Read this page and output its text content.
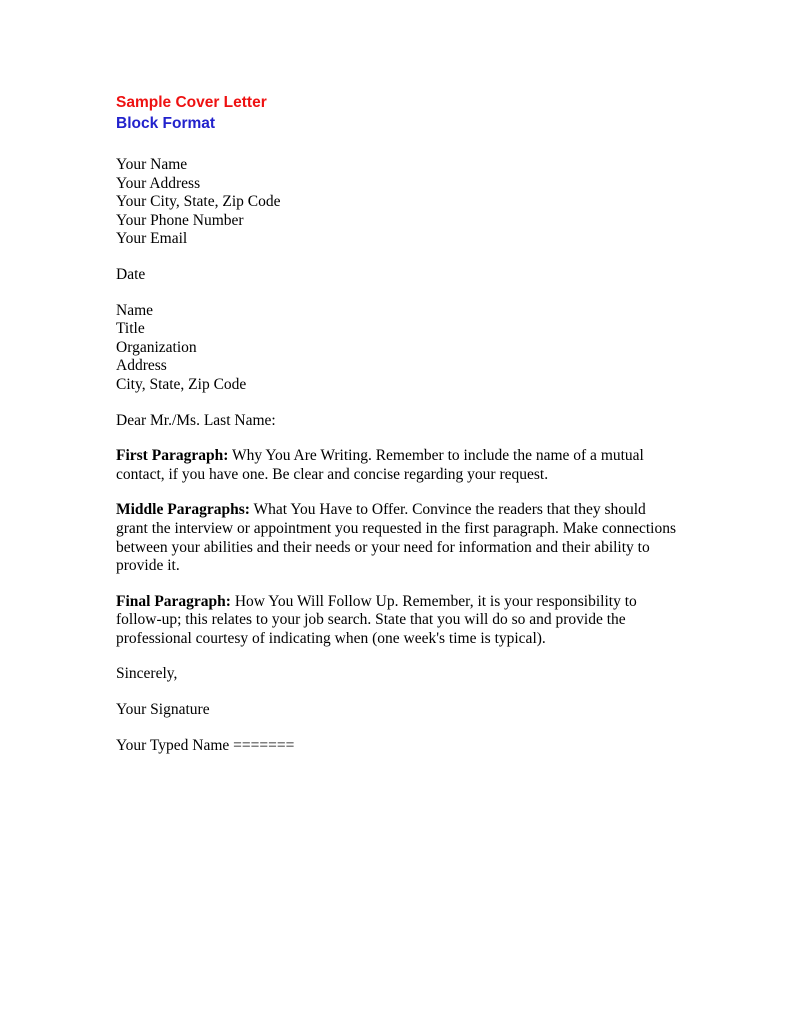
Sample Cover Letter
Block Format
Your Name
Your Address
Your City, State, Zip Code
Your Phone Number
Your Email
Date
Name
Title
Organization
Address
City, State, Zip Code
Dear Mr./Ms. Last Name:

First Paragraph: Why You Are Writing. Remember to include the name of a mutual contact, if you have one. Be clear and concise regarding your request.

Middle Paragraphs: What You Have to Offer. Convince the readers that they should grant the interview or appointment you requested in the first paragraph. Make connections between your abilities and their needs or your need for information and their ability to provide it.

Final Paragraph: How You Will Follow Up. Remember, it is your responsibility to follow-up; this relates to your job search. State that you will do so and provide the professional courtesy of indicating when (one week's time is typical).

Sincerely,
Your Signature
Your Typed Name =======
